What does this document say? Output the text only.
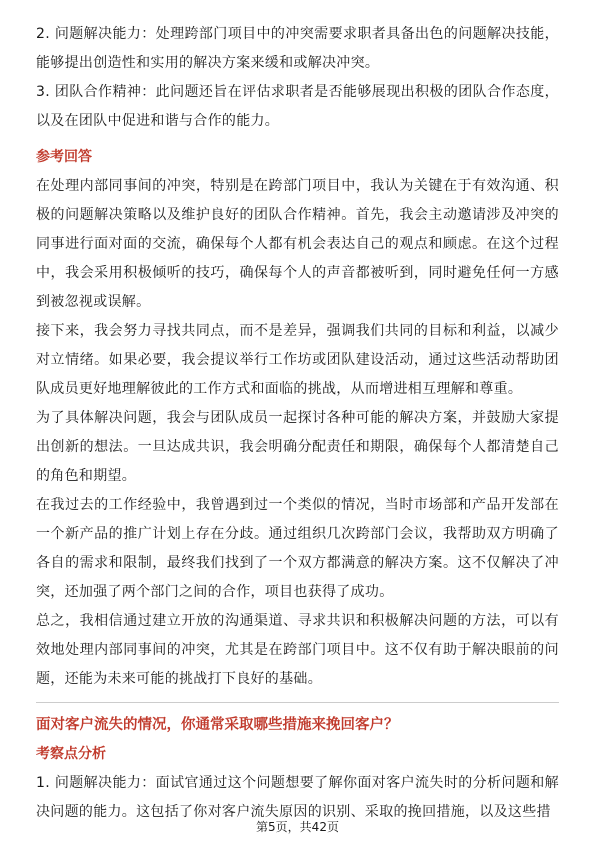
2. 问题解决能力：处理跨部门项目中的冲突需要求职者具备出色的问题解决技能，能够提出创造性和实用的解决方案来缓和或解决冲突。

3. 团队合作精神：此问题还旨在评估求职者是否能够展现出积极的团队合作态度，以及在团队中促进和谐与合作的能力。

参考回答

在处理内部同事间的冲突，特别是在跨部门项目中，我认为关键在于有效沟通、积极的问题解决策略以及维护良好的团队合作精神。首先，我会主动邀请涉及冲突的同事进行面对面的交流，确保每个人都有机会表达自己的观点和顾虑。在这个过程中，我会采用积极倾听的技巧，确保每个人的声音都被听到，同时避免任何一方感到被忽视或误解。

接下来，我会努力寻找共同点，而不是差异，强调我们共同的目标和利益，以减少对立情绪。如果必要，我会提议举行工作坊或团队建设活动，通过这些活动帮助团队成员更好地理解彼此的工作方式和面临的挑战，从而增进相互理解和尊重。

为了具体解决问题，我会与团队成员一起探讨各种可能的解决方案，并鼓励大家提出创新的想法。一旦达成共识，我会明确分配责任和期限，确保每个人都清楚自己的角色和期望。

在我过去的工作经验中，我曾遇到过一个类似的情况，当时市场部和产品开发部在一个新产品的推广计划上存在分歧。通过组织几次跨部门会议，我帮助双方明确了各自的需求和限制，最终我们找到了一个双方都满意的解决方案。这不仅解决了冲突，还加强了两个部门之间的合作，项目也获得了成功。

总之，我相信通过建立开放的沟通渠道、寻求共识和积极解决问题的方法，可以有效地处理内部同事间的冲突，尤其是在跨部门项目中。这不仅有助于解决眼前的问题，还能为未来可能的挑战打下良好的基础。

面对客户流失的情况，你通常采取哪些措施来挽回客户？

考察点分析

1. 问题解决能力：面试官通过这个问题想要了解你面对客户流失时的分析问题和解决问题的能力。这包括了你对客户流失原因的识别、采取的挽回措施，以及这些措

第5页，共42页
